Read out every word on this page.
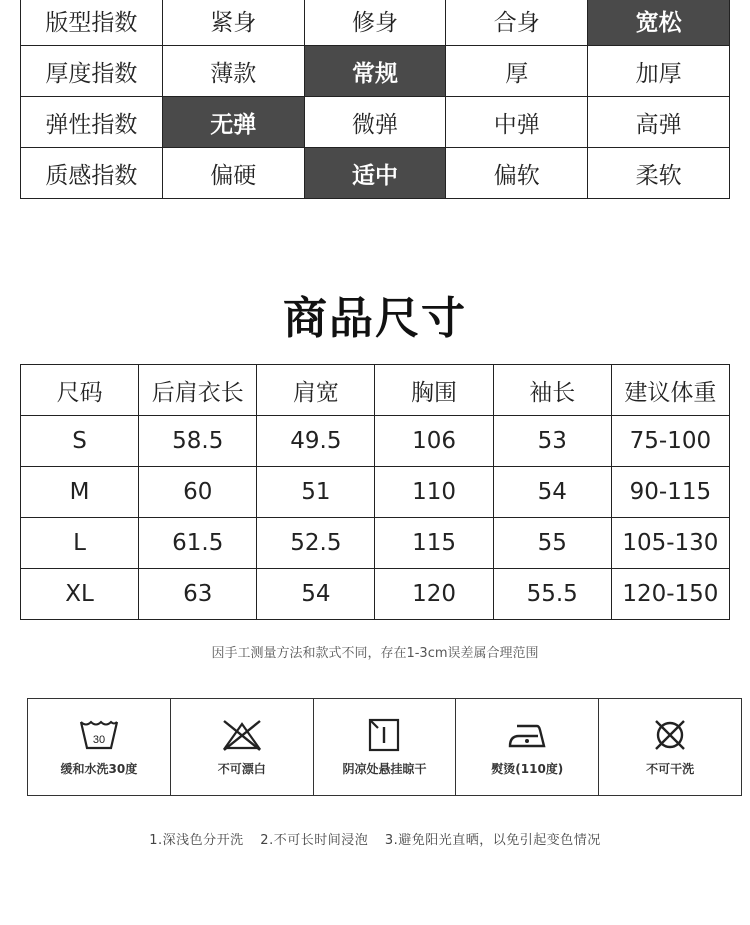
版型指数	紧身	修身	合身	宽松
厚度指数	薄款	常规	厚	加厚
弹性指数	无弹	微弹	中弹	高弹
质感指数	偏硬	适中	偏软	柔软
商品尺寸
尺码	后肩衣长	肩宽	胸围	袖长	建议体重
S	58.5	49.5	106	53	75-100
M	60	51	110	54	90-115
L	61.5	52.5	115	55	105-130
XL	63	54	120	55.5	120-150
因手工测量方法和款式不同，存在1-3cm误差属合理范围
30
缓和水洗30度	不可漂白	阴凉处悬挂晾干	熨烫(110度)	不可干洗
1.深浅色分开洗 2.不可长时间浸泡 3.避免阳光直晒，以免引起变色情况
